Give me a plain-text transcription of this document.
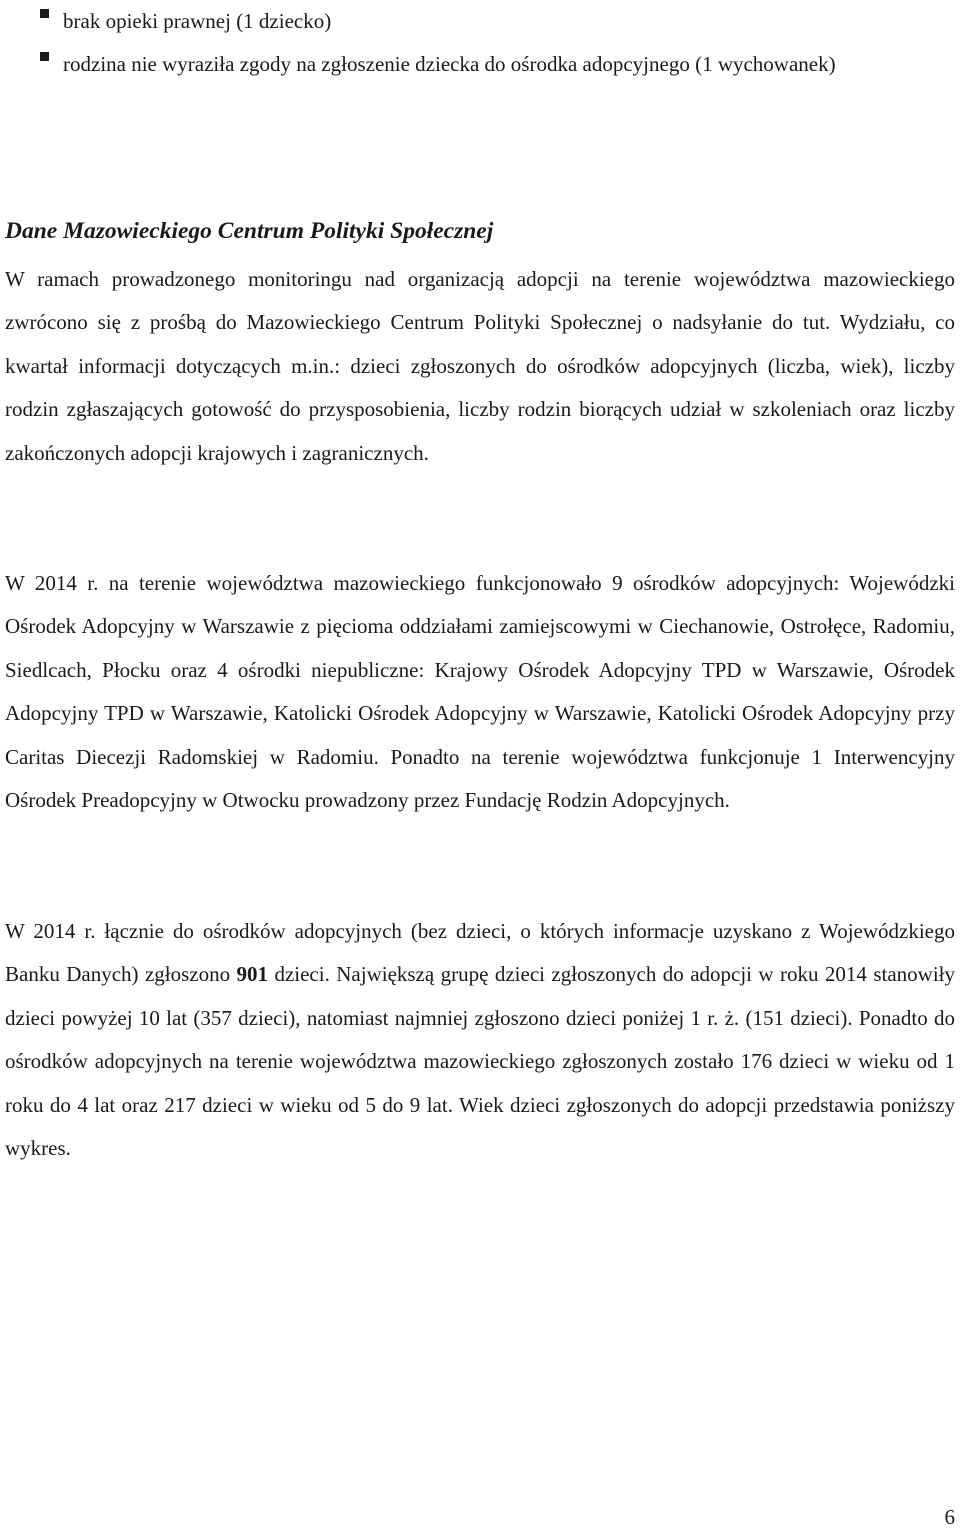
brak opieki prawnej (1 dziecko)
rodzina nie wyraziła zgody na zgłoszenie dziecka do ośrodka adopcyjnego (1 wychowanek)
Dane Mazowieckiego Centrum Polityki Społecznej

W ramach prowadzonego monitoringu nad organizacją adopcji na terenie województwa mazowieckiego zwrócono się z prośbą do Mazowieckiego Centrum Polityki Społecznej o nadsyłanie do tut. Wydziału, co kwartał informacji dotyczących m.in.: dzieci zgłoszonych do ośrodków adopcyjnych (liczba, wiek), liczby rodzin zgłaszających gotowość do przysposobienia, liczby rodzin biorących udział w szkoleniach oraz liczby zakończonych adopcji krajowych i zagranicznych.

W 2014 r. na terenie województwa mazowieckiego funkcjonowało 9 ośrodków adopcyjnych: Wojewódzki Ośrodek Adopcyjny w Warszawie z pięcioma oddziałami zamiejscowymi w Ciechanowie, Ostrołęce, Radomiu, Siedlcach, Płocku oraz 4 ośrodki niepubliczne: Krajowy Ośrodek Adopcyjny TPD w Warszawie, Ośrodek Adopcyjny TPD w Warszawie, Katolicki Ośrodek Adopcyjny w Warszawie, Katolicki Ośrodek Adopcyjny przy Caritas Diecezji Radomskiej w Radomiu. Ponadto na terenie województwa funkcjonuje 1 Interwencyjny Ośrodek Preadopcyjny w Otwocku prowadzony przez Fundację Rodzin Adopcyjnych.

W 2014 r. łącznie do ośrodków adopcyjnych (bez dzieci, o których informacje uzyskano z Wojewódzkiego Banku Danych) zgłoszono 901 dzieci. Największą grupę dzieci zgłoszonych do adopcji w roku 2014 stanowiły dzieci powyżej 10 lat (357 dzieci), natomiast najmniej zgłoszono dzieci poniżej 1 r. ż. (151 dzieci). Ponadto do ośrodków adopcyjnych na terenie województwa mazowieckiego zgłoszonych zostało 176 dzieci w wieku od 1 roku do 4 lat oraz 217 dzieci w wieku od 5 do 9 lat. Wiek dzieci zgłoszonych do adopcji przedstawia poniższy wykres.

6
